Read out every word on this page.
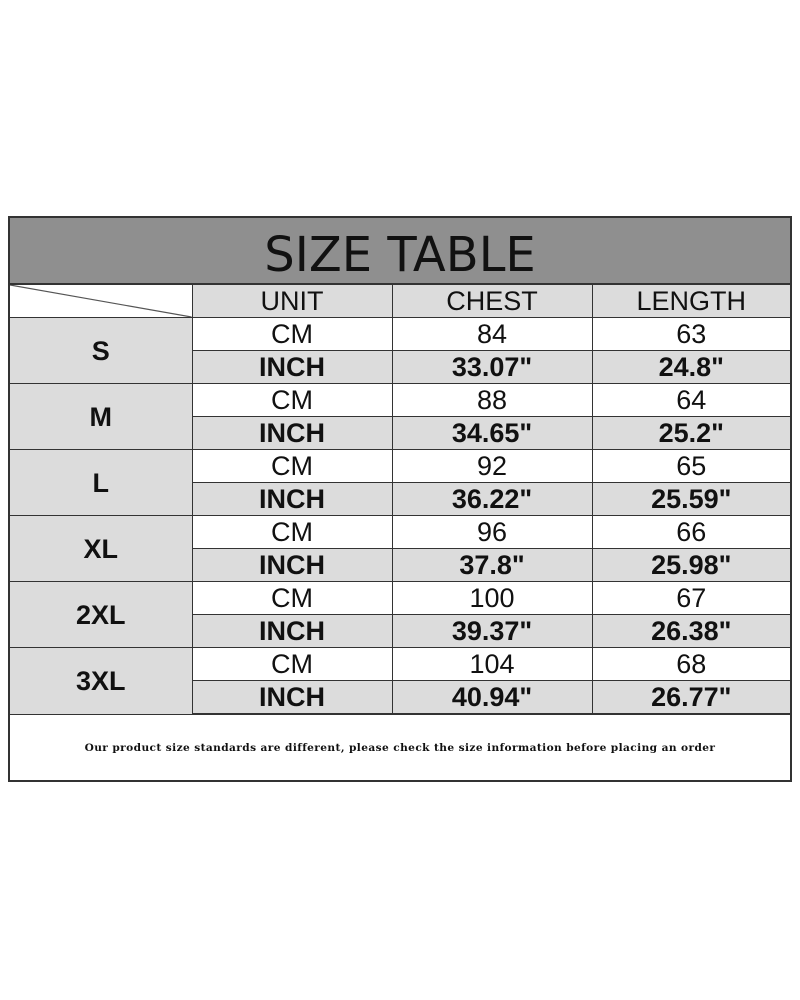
SIZE TABLE
	UNIT	CHEST	LENGTH
S	CM	84	63
	INCH	33.07"	24.8"
M	CM	88	64
	INCH	34.65"	25.2"
L	CM	92	65
	INCH	36.22"	25.59"
XL	CM	96	66
	INCH	37.8"	25.98"
2XL	CM	100	67
	INCH	39.37"	26.38"
3XL	CM	104	68
	INCH	40.94"	26.77"
Our product size standards are different, please check the size information before placing an order
